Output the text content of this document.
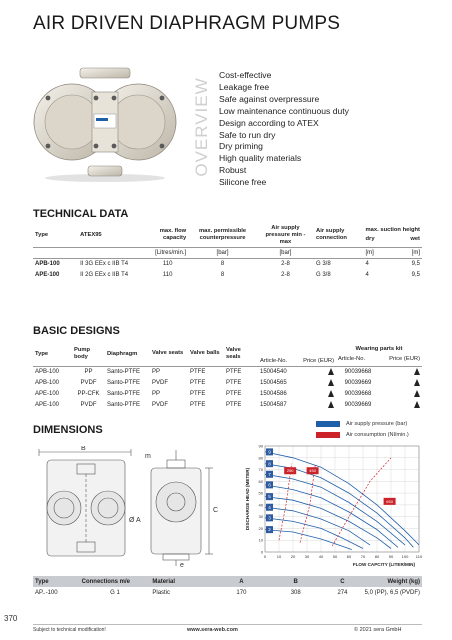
AIR DRIVEN DIAPHRAGM PUMPS
OVERVIEW
Cost-effective
Leakage free
Safe against overpressure
Low maintenance continuous duty
Design according to ATEX
Safe to run dry
Dry priming
High quality materials
Robust
Silicone free
TECHNICAL DATA
Type	ATEX95	max. flow capacity	max. permissible counterpressure	Air supply pressure min - max	Air supply connection	max. suction height
dry wet	

		[Litres/min.]	[bar]	[bar]		[m]	[m]
APB-100	II 3G EEx c IIB T4	110	8	2-8	G 3/8	4	9,5
APE-100	II 2G EEx c IIB T4	110	8	2-8	G 3/8	4	9,5
BASIC DESIGNS
Type	Pump body	Diaphragm	Valve seats	Valve balls	Valve seals	Article-No.	Price (EUR)	Wearing parts kit
Article-No. Price (EUR)	

APB-100	PP	Santo-PTFE	PP	PTFE	PTFE	15004540		90039668	
APB-100	PVDF	Santo-PTFE	PVDF	PTFE	PTFE	15004565		90039669	
APE-100	PP-CFK	Santo-PTFE	PP	PTFE	PTFE	15004586		90039668	
APE-100	PVDF	Santo-PTFE	PVDF	PTFE	PTFE	15004587		90039669	
DIMENSIONS
B
m
Ø A
C
e
Air supply pressure (bar)
Air consumption (Nl/min.)
0	10 20 30 40 50 60 70 80 90 100 110
0
10
20
30
40
50
60
70
80
90
FLOW CAPCITY (LITER/MIN)
DISCHARGE HEAD (METER)
9
8
7
6
5
4
3
2
250	450
650
Type	Connections m/e	Material	A	B	C	Weight (kg)
AP..-100	G 1	Plastic	170	308	274	5,0 (PP), 6,5 (PVDF)
370
Subject to technical modification!	www.sera-web.com	© 2021 sera GmbH
